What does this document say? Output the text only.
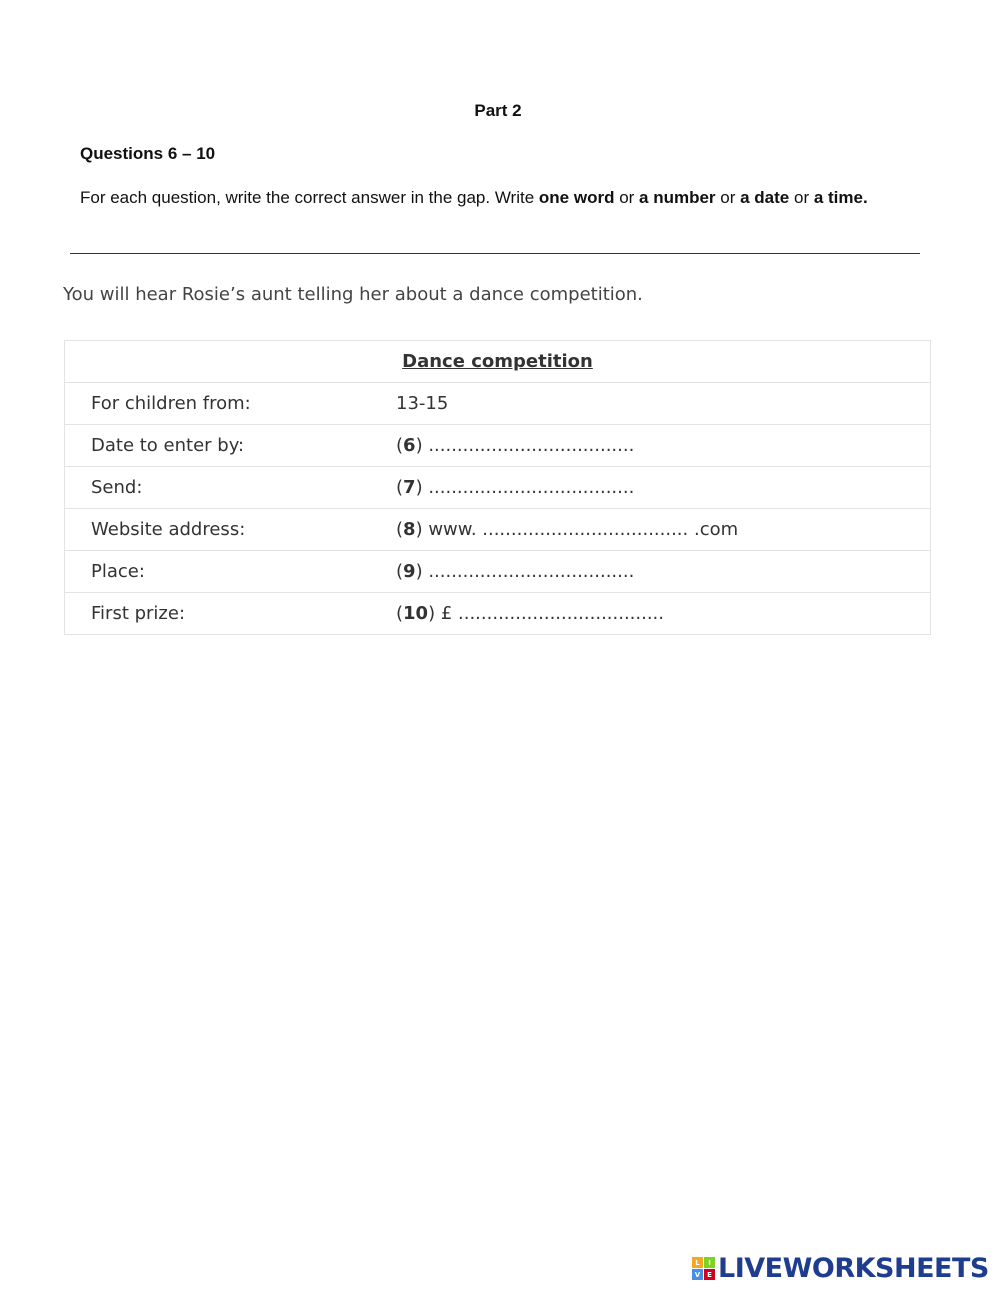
Part 2
Questions 6 – 10
For each question, write the correct answer in the gap. Write one word or a number or a date or a time.
You will hear Rosie’s aunt telling her about a dance competition.
Dance competition
For children from:	13-15
Date to enter by:	(6) ....................................
Send:	(7) ....................................
Website address:	(8) www. .................................... .com
Place:	(9) ....................................
First prize:	(10) £ ....................................
L	I
V E LIVEWORKSHEETS
